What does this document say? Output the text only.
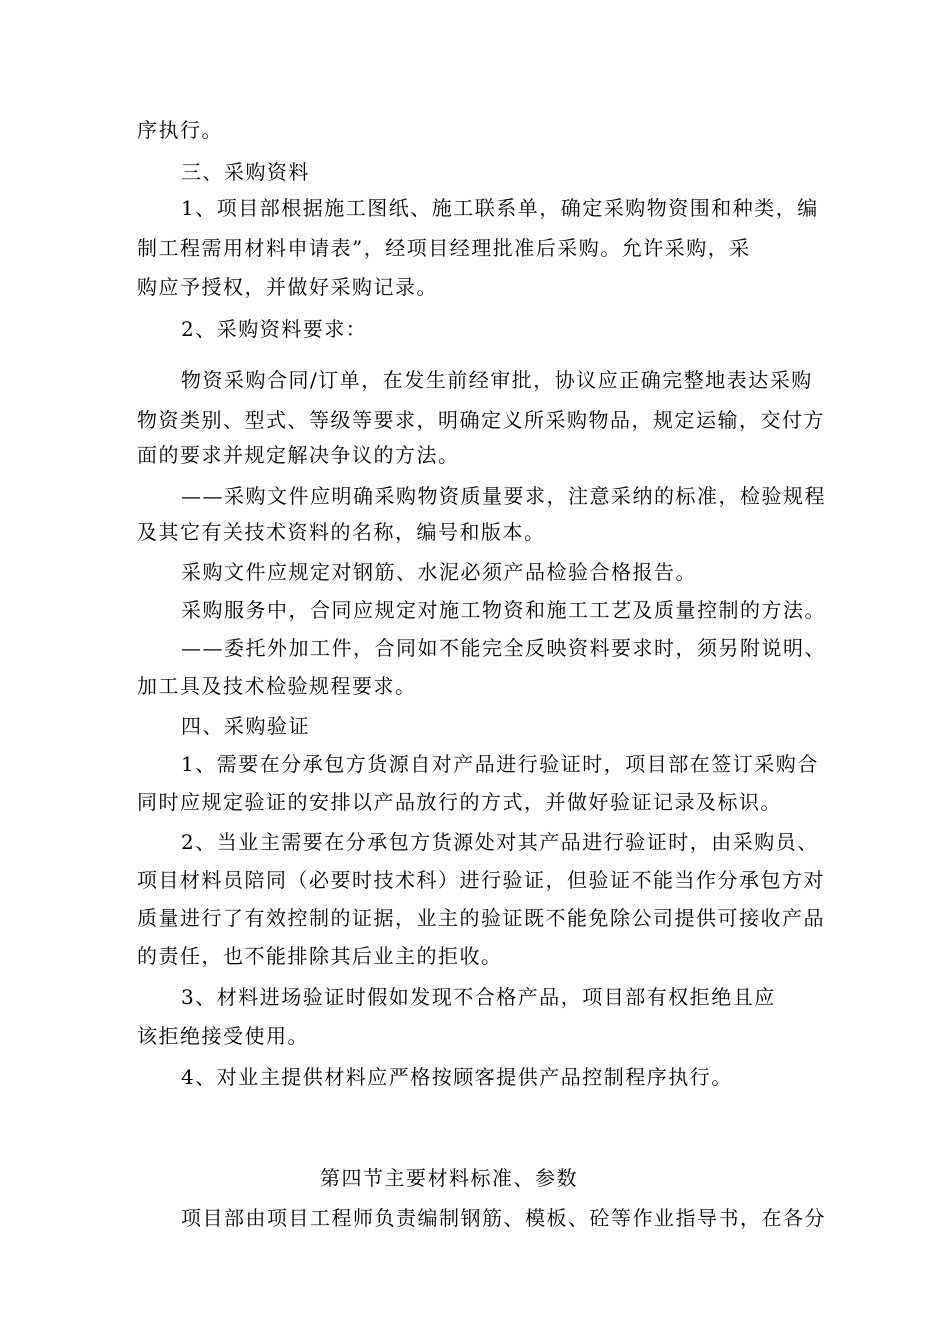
序执行。
三、采购资料
1、项目部根据施工图纸、施工联系单，确定采购物资围和种类，编
制工程需用材料申请表”，经项目经理批准后采购。允许采购，采
购应予授权，并做好采购记录。
2、采购资料要求：
物资采购合同/订单，在发生前经审批，协议应正确完整地表达采购
物资类别、型式、等级等要求，明确定义所采购物品，规定运输，交付方
面的要求并规定解决争议的方法。
——采购文件应明确采购物资质量要求，注意采纳的标准，检验规程
及其它有关技术资料的名称，编号和版本。
采购文件应规定对钢筋、水泥必须产品检验合格报告。
采购服务中，合同应规定对施工物资和施工工艺及质量控制的方法。
——委托外加工件，合同如不能完全反映资料要求时，须另附说明、
加工具及技术检验规程要求。
四、采购验证
1、需要在分承包方货源自对产品进行验证时，项目部在签订采购合
同时应规定验证的安排以产品放行的方式，并做好验证记录及标识。
2、当业主需要在分承包方货源处对其产品进行验证时，由采购员、
项目材料员陪同（必要时技术科）进行验证，但验证不能当作分承包方对
质量进行了有效控制的证据，业主的验证既不能免除公司提供可接收产品
的责任，也不能排除其后业主的拒收。
3、材料进场验证时假如发现不合格产品，项目部有权拒绝且应
该拒绝接受使用。
4、对业主提供材料应严格按顾客提供产品控制程序执行。
第四节主要材料标准、参数
项目部由项目工程师负责编制钢筋、模板、砼等作业指导书，在各分
